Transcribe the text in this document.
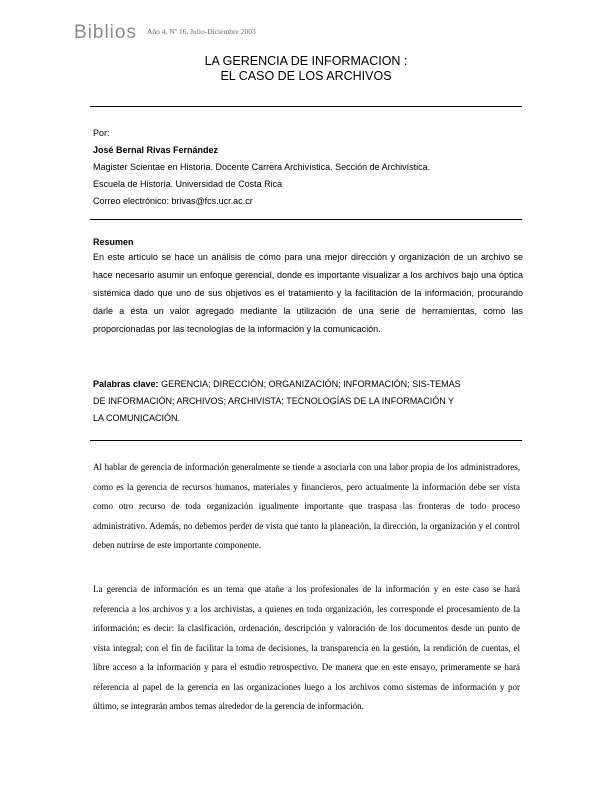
Biblios $^{Año 4, Nº 16, Julio-Diciembre 2003}$
LA GERENCIA DE INFORMACION :
EL CASO DE LOS ARCHIVOS
Por:
José Bernal Rivas Fernández
Magister Scientae en Historia. Docente Carrera Archivística. Sección de Archivística.
Escuela de Historia. Universidad de Costa Rica
Correo electrónico: brivas@fcs.ucr.ac.cr
Resumen
En este artículo se hace un análisis de cómo para una mejor dirección y organización de un archivo se hace necesario asumir un enfoque gerencial, donde es importante visualizar a los archivos bajo una óptica sistémica dado que uno de sus objetivos es el tratamiento y la facilitación de la información, procurando darle a ésta un valor agregado mediante la utilización de una serie de herramientas, como las proporcionadas por las tecnologías de la información y la comunicación.
Palabras clave: GERENCIA; DIRECCIÓN; ORGANIZACIÓN; INFORMACIÓN; SIS-TEMAS
DE INFORMACIÓN; ARCHIVOS; ARCHIVISTA; TECNOLOGÍAS DE LA INFORMACIÓN Y
LA COMUNICACIÓN.
Al hablar de gerencia de información generalmente se tiende a asociarla con una labor propia de los administradores, como es la gerencia de recursos humanos, materiales y financieros, pero actualmente la información debe ser vista como otro recurso de toda organización igualmente importante que traspasa las fronteras de todo proceso administrativo. Además, no debemos perder de vista que tanto la planeación, la dirección, la organización y el control deben nutrirse de este importante componente.
La gerencia de información es un tema que atañe a los profesionales de la información y en este caso se hará referencia a los archivos y a los archivistas, a quienes en toda organización, les corresponde el procesamiento de la información; es decir: la clasificación, ordenación, descripción y valoración de los documentos desde un punto de vista integral; con el fin de facilitar la toma de decisiones, la transparencia en la gestión, la rendición de cuentas, el libre acceso a la información y para el estudio retrospectivo. De manera que en este ensayo, primeramente se hará referencia al papel de la gerencia en las organizaciones luego a los archivos como sistemas de información y por último, se integrarán ambos temas alrededor de la gerencia de información.
